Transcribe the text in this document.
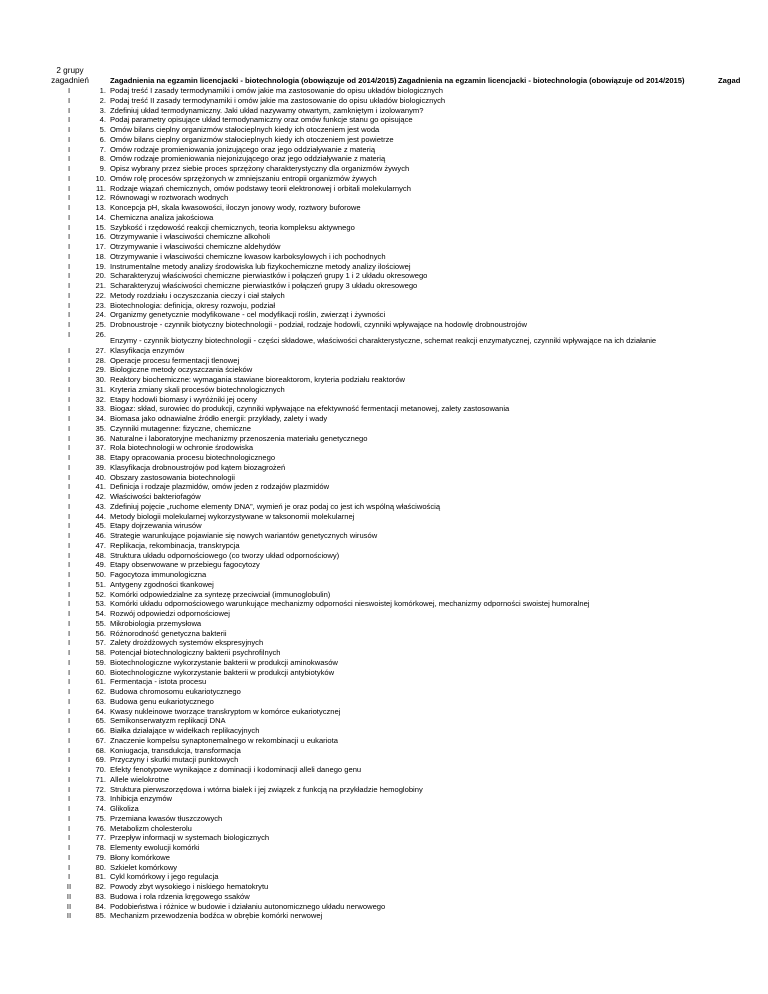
2 grupy zagadnień	Zagadnienia na egzamin licencjacki - biotechnologia (obowiązuje od 2014/2015) Zagadnienia na egzamin licencjacki - biotechnologia (obowiązuje od 2014/2015)	Zagad
I	1. Podaj treść I zasady termodynamiki i omów jakie ma zastosowanie do opisu układów biologicznych
I	2. Podaj treść II zasady termodynamiki i omów jakie ma zastosowanie do opisu układów biologicznych
I	3. Zdefiniuj układ termodynamiczny. Jaki układ nazywamy otwartym, zamkniętym i izolowanym?
I	4. Podaj parametry opisujące układ termodynamiczny oraz omów funkcje stanu go opisujące
I	5. Omów bilans cieplny organizmów stałocieplnych kiedy ich otoczeniem jest woda
I	6. Omów bilans cieplny organizmów stałocieplnych kiedy ich otoczeniem jest powietrze
I	7. Omów rodzaje promieniowania jonizującego oraz jego oddziaływanie z materią
I	8. Omów rodzaje promieniowania niejonizującego oraz jego oddziaływanie z materią
I	9. Opisz wybrany przez siebie proces sprzężony charakterystyczny dla organizmów żywych
I	10. Omów rolę procesów sprzężonych w zmniejszaniu entropii organizmów żywych
I	11. Rodzaje wiązań chemicznych, omów podstawy teorii elektronowej i orbitali molekularnych
I	12. Równowagi w roztworach wodnych
I	13. Koncepcja pH, skala kwasowości, iloczyn jonowy wody, roztwory buforowe
I	14. Chemiczna analiza jakościowa
I	15. Szybkość i rzędowość reakcji chemicznych, teoria kompleksu aktywnego
I	16. Otrzymywanie i własciwości chemiczne alkoholi
I	17. Otrzymywanie i własciwości chemiczne aldehydów
I	18. Otrzymywanie i własciwości chemiczne kwasow karboksylowych i ich pochodnych
I	19. Instrumentalne metody analizy środowiska lub fizykochemiczne metody analizy ilościowej
I	20. Scharakteryzuj właściwości chemiczne pierwiastków i połączeń grupy 1 i 2 układu okresowego
I	21. Scharakteryzuj właściwości chemiczne pierwiastków i połączeń grupy 3 układu okresowego
I	22. Metody rozdziału i oczyszczania cieczy i ciał stałych
I	23. Biotechnologia: definicja, okresy rozwoju, podział
I	24. Organizmy genetycznie modyfikowane - cel modyfikacji roślin, zwierząt i żywności
I	25. Drobnoustroje - czynnik biotyczny biotechnologii - podział, rodzaje hodowli, czynniki wpływające na hodowlę drobnoustrojów
I	26.
Enzymy - czynnik biotyczny biotechnologii - części składowe, właściwości charakterystyczne, schemat reakcji enzymatycznej, czynniki wpływające na ich działanie
I	27. Klasyfikacja enzymów
I	28. Operacje procesu fermentacji tlenowej
I	29. Biologiczne metody oczyszczania ścieków
I	30. Reaktory biochemiczne: wymagania stawiane bioreaktorom, kryteria podziału reaktorów
I	31. Kryteria zmiany skali procesów biotechnologicznych
I	32. Etapy hodowli biomasy i wyróżniki jej oceny
I	33. Biogaz: skład, surowiec do produkcji, czynniki wpływające na efektywność fermentacji metanowej, zalety zastosowania
I	34. Biomasa jako odnawialne źródło energii: przykłady, zalety i wady
I	35. Czynniki mutagenne: fizyczne, chemiczne
I	36. Naturalne i laboratoryjne mechanizmy przenoszenia materiału genetycznego
I	37. Rola biotechnologii w ochronie środowiska
I	38. Etapy opracowania procesu biotechnologicznego
I	39. Klasyfikacja drobnoustrojów pod kątem biozagrożeń
I	40. Obszary zastosowania biotechnologii
I	41. Definicja i rodzaje plazmidów, omów jeden z rodzajów plazmidów
I	42. Właściwości bakteriofagów
I	43. Zdefiniuj pojęcie „ruchome elementy DNA”, wymień je oraz podaj co jest ich wspólną właściwością
I	44. Metody biologii molekularnej wykorzystywane w taksonomii molekularnej
I	45. Etapy dojrzewania wirusów
I	46. Strategie warunkujące pojawianie się nowych wariantów genetycznych wirusów
I	47. Replikacja, rekombinacja, transkrypcja
I	48. Struktura układu odpornościowego (co tworzy układ odpornościowy)
I	49. Etapy obserwowane w przebiegu fagocytozy
I	50. Fagocytoza immunologiczna
I	51. Antygeny zgodności tkankowej
I	52. Komórki odpowiedzialne za syntezę przeciwciał (immunoglobulin)
I	53. Komórki układu odpornościowego warunkujące mechanizmy odporności nieswoistej komórkowej, mechanizmy odporności swoistej humoralnej
I	54. Rozwój odpowiedzi odpornościowej
I	55. Mikrobiologia przemysłowa
I	56. Różnorodność genetyczna bakterii
I	57. Zalety drożdżowych systemów ekspresyjnych
I	58. Potencjał biotechnologiczny bakterii psychrofilnych
I	59. Biotechnologiczne wykorzystanie bakterii w produkcji aminokwasów
I	60. Biotechnologiczne wykorzystanie bakterii w produkcji antybiotyków
I	61. Fermentacja - istota procesu
I	62. Budowa chromosomu eukariotycznego
I	63. Budowa genu eukariotycznego
I	64. Kwasy nukleinowe tworzące transkryptom w komórce eukariotycznej
I	65. Semikonserwatyzm replikacji DNA
I	66. Białka działające w widełkach replikacyjnych
I	67. Znaczenie kompelsu synaptonemalnego w rekombinacji u eukariota
I	68. Koniugacja, transdukcja, transformacja
I	69. Przyczyny i skutki mutacji punktowych
I	70. Efekty fenotypowe wynikające z dominacji i kodominacji alleli danego genu
I	71. Allele wielokrotne
I	72. Struktura pierwszorzędowa i wtórna białek i jej związek z funkcją na przykładzie hemoglobiny
I	73. Inhibicja enzymów
I	74. Glikoliza
I	75. Przemiana kwasów tłuszczowych
I	76. Metabolizm cholesterolu
I	77. Przepływ informacji w systemach biologicznych
I	78. Elementy ewolucji komórki
I	79. Błony komórkowe
I	80. Szkielet komórkowy
I	81. Cykl komórkowy i jego regulacja
II	82. Powody zbyt wysokiego i niskiego hematokrytu
II	83. Budowa i rola rdzenia kręgowego ssaków
II	84. Podobieństwa i różnice w budowie i działaniu autonomicznego układu nerwowego
II	85. Mechanizm przewodzenia bodźca w obrębie komórki nerwowej
